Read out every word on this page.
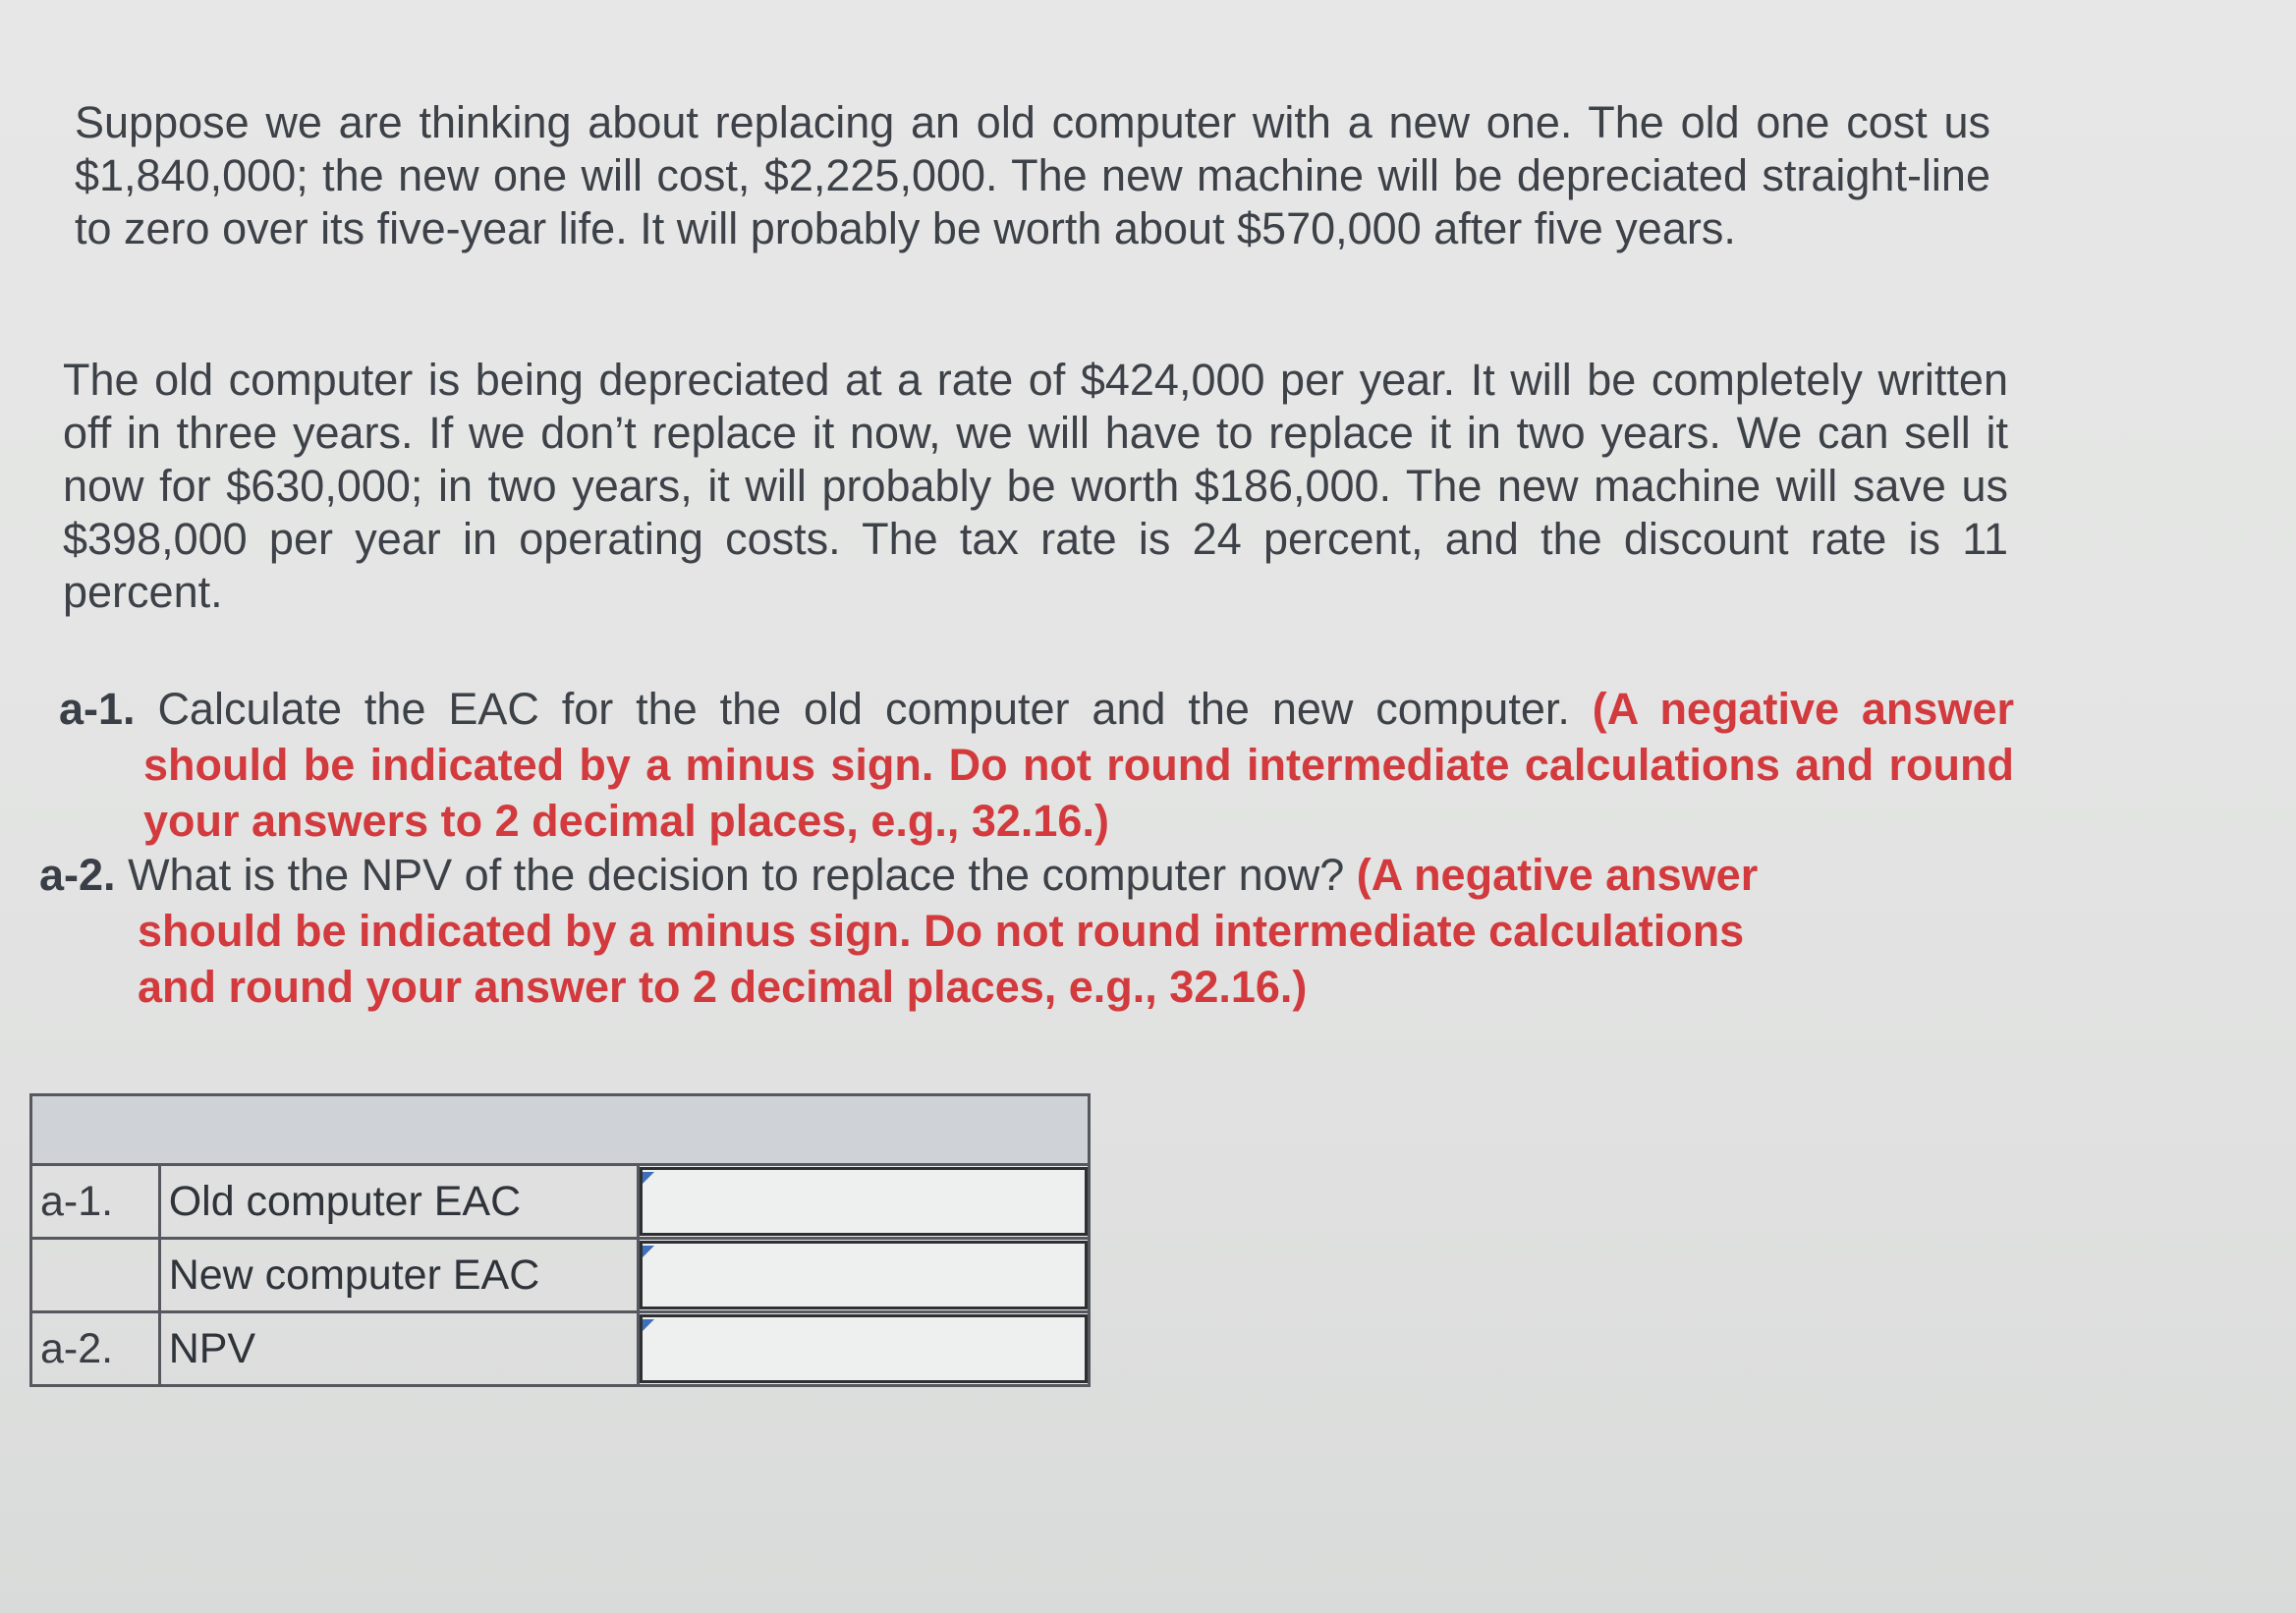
Suppose we are thinking about replacing an old computer with a new one. The old one cost us $1,840,000; the new one will cost, $2,225,000. The new machine will be depreciated straight-line to zero over its five-year life. It will probably be worth about $570,000 after five years.

The old computer is being depreciated at a rate of $424,000 per year. It will be completely written off in three years. If we don’t replace it now, we will have to replace it in two years. We can sell it now for $630,000; in two years, it will probably be worth $186,000. The new machine will save us $398,000 per year in operating costs. The tax rate is 24 percent, and the discount rate is 11 percent.

a-1. Calculate the EAC for the the old computer and the new computer. (A negative answer should be indicated by a minus sign. Do not round intermediate calculations and round your answers to 2 decimal places, e.g., 32.16.)
a-2. What is the NPV of the decision to replace the computer now? (A negative answer should be indicated by a minus sign. Do not round intermediate calculations and round your answer to 2 decimal places, e.g., 32.16.)

a-1.	Old computer EAC	

	New computer EAC	

a-2.	NPV	
